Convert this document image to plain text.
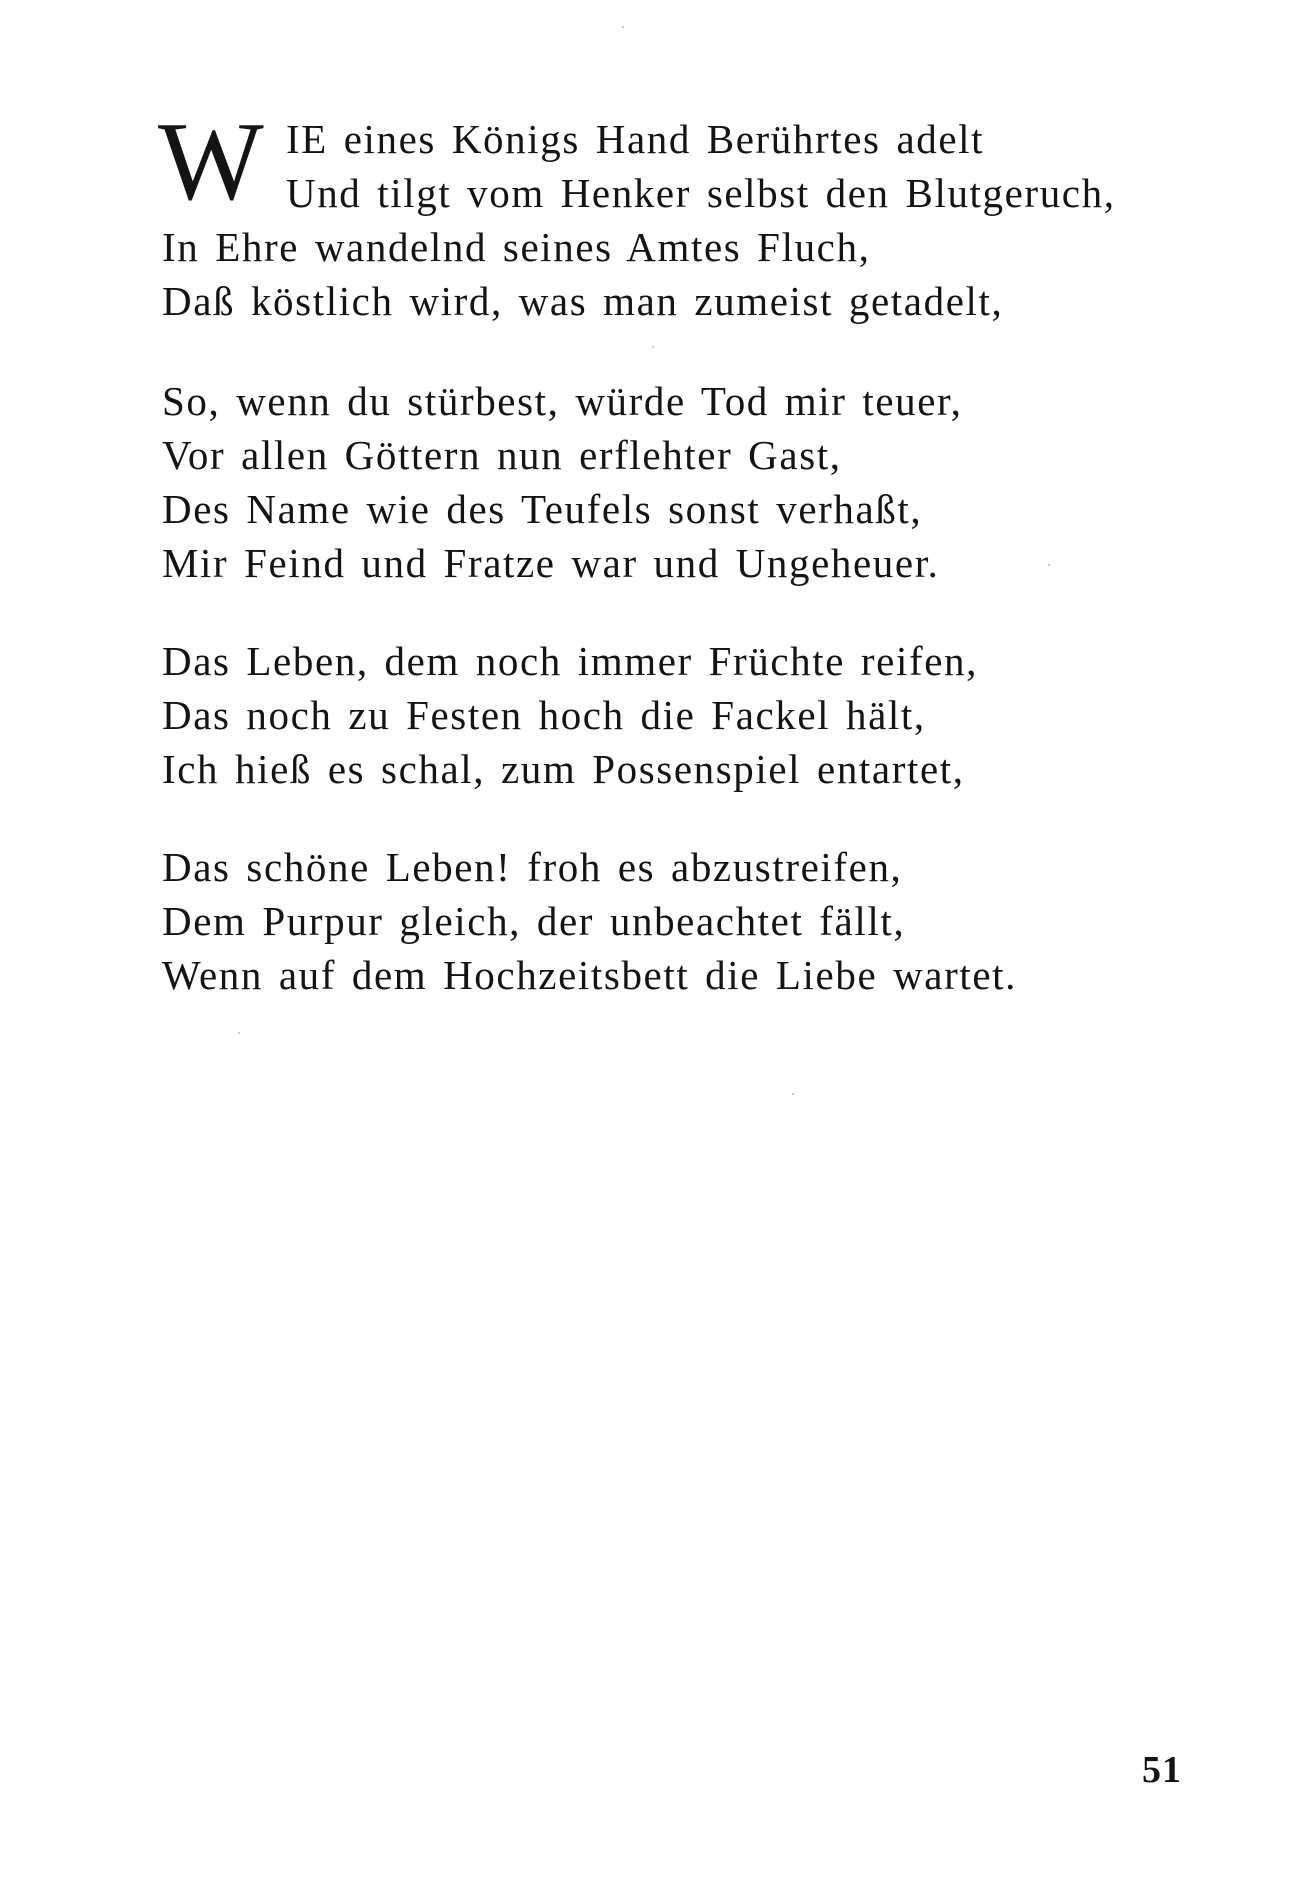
W IE eines Königs Hand Berührtes adelt
Und tilgt vom Henker selbst den Blutgeruch,
In Ehre wandelnd seines Amtes Fluch,
Daß köstlich wird, was man zumeist getadelt,
So, wenn du stürbest, würde Tod mir teuer,
Vor allen Göttern nun erflehter Gast,
Des Name wie des Teufels sonst verhaßt,
Mir Feind und Fratze war und Ungeheuer.
Das Leben, dem noch immer Früchte reifen,
Das noch zu Festen hoch die Fackel hält,
Ich hieß es schal, zum Possenspiel entartet,
Das schöne Leben! froh es abzustreifen,
Dem Purpur gleich, der unbeachtet fällt,
Wenn auf dem Hochzeitsbett die Liebe wartet.
51
